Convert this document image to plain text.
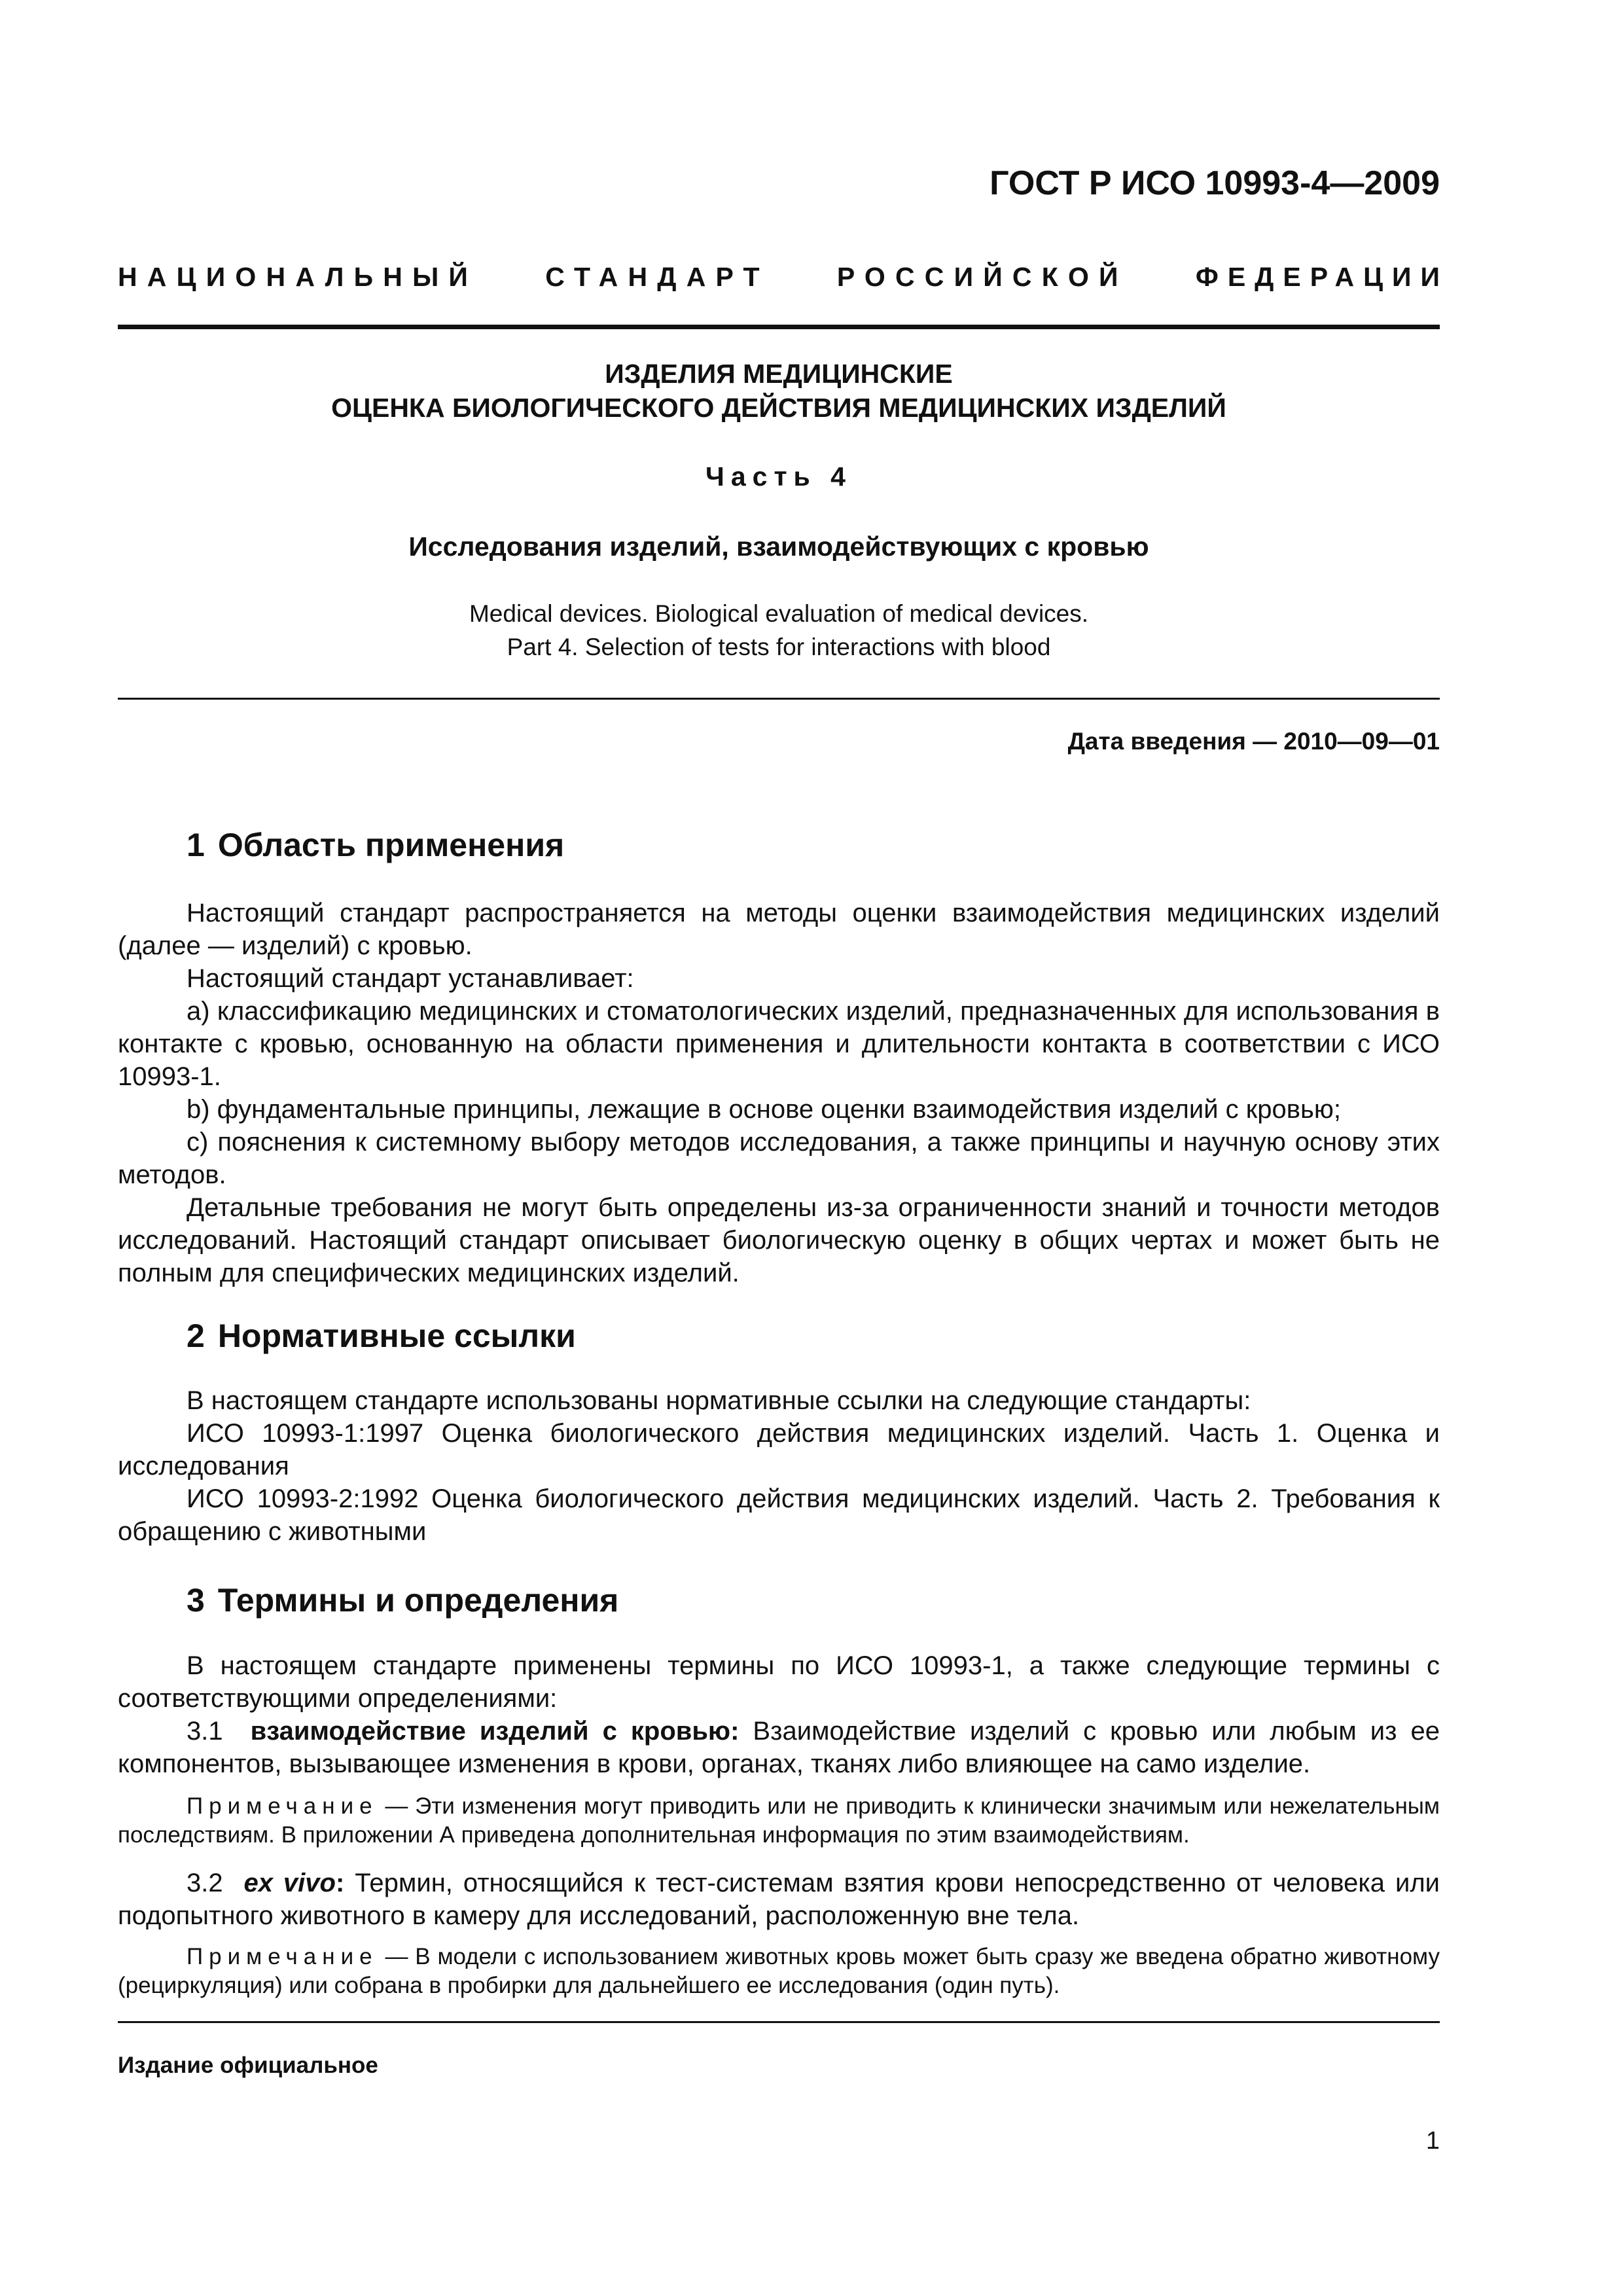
ГОСТ Р ИСО 10993-4—2009
НАЦИОНАЛЬНЫЙ	СТАНДАРТ	РОССИЙСКОЙ	ФЕДЕРАЦИИ
ИЗДЕЛИЯ МЕДИЦИНСКИЕ
ОЦЕНКА БИОЛОГИЧЕСКОГО ДЕЙСТВИЯ МЕДИЦИНСКИХ ИЗДЕЛИЙ
Часть 4
Исследования изделий, взаимодействующих с кровью
Medical devices. Biological evaluation of medical devices.
Part 4. Selection of tests for interactions with blood
Дата введения — 2010—09—01
1 Область применения

Настоящий стандарт распространяется на методы оценки взаимодействия медицинских изделий (далее — изделий) с кровью.

Настоящий стандарт устанавливает:

а) классификацию медицинских и стоматологических изделий, предназначенных для использования в контакте с кровью, основанную на области применения и длительности контакта в соответствии с ИСО 10993-1.

b) фундаментальные принципы, лежащие в основе оценки взаимодействия изделий с кровью;

c) пояснения к системному выбору методов исследования, а также принципы и научную основу этих методов.

Детальные требования не могут быть определены из-за ограниченности знаний и точности методов исследований. Настоящий стандарт описывает биологическую оценку в общих чертах и может быть не полным для специфических медицинских изделий.

2 Нормативные ссылки

В настоящем стандарте использованы нормативные ссылки на следующие стандарты:

ИСО 10993-1:1997 Оценка биологического действия медицинских изделий. Часть 1. Оценка и исследования

ИСО 10993-2:1992 Оценка биологического действия медицинских изделий. Часть 2. Требования к обращению с животными

3 Термины и определения

В настоящем стандарте применены термины по ИСО 10993-1, а также следующие термины с соответствующими определениями:

3.1 взаимодействие изделий с кровью: Взаимодействие изделий с кровью или любым из ее компонентов, вызывающее изменения в крови, органах, тканях либо влияющее на само изделие.

Примечание — Эти изменения могут приводить или не приводить к клинически значимым или нежелательным последствиям. В приложении А приведена дополнительная информация по этим взаимодействиям.

3.2 ex vivo: Термин, относящийся к тест-системам взятия крови непосредственно от человека или подопытного животного в камеру для исследований, расположенную вне тела.

Примечание — В модели с использованием животных кровь может быть сразу же введена обратно животному (рециркуляция) или собрана в пробирки для дальнейшего ее исследования (один путь).

Издание официальное
1
